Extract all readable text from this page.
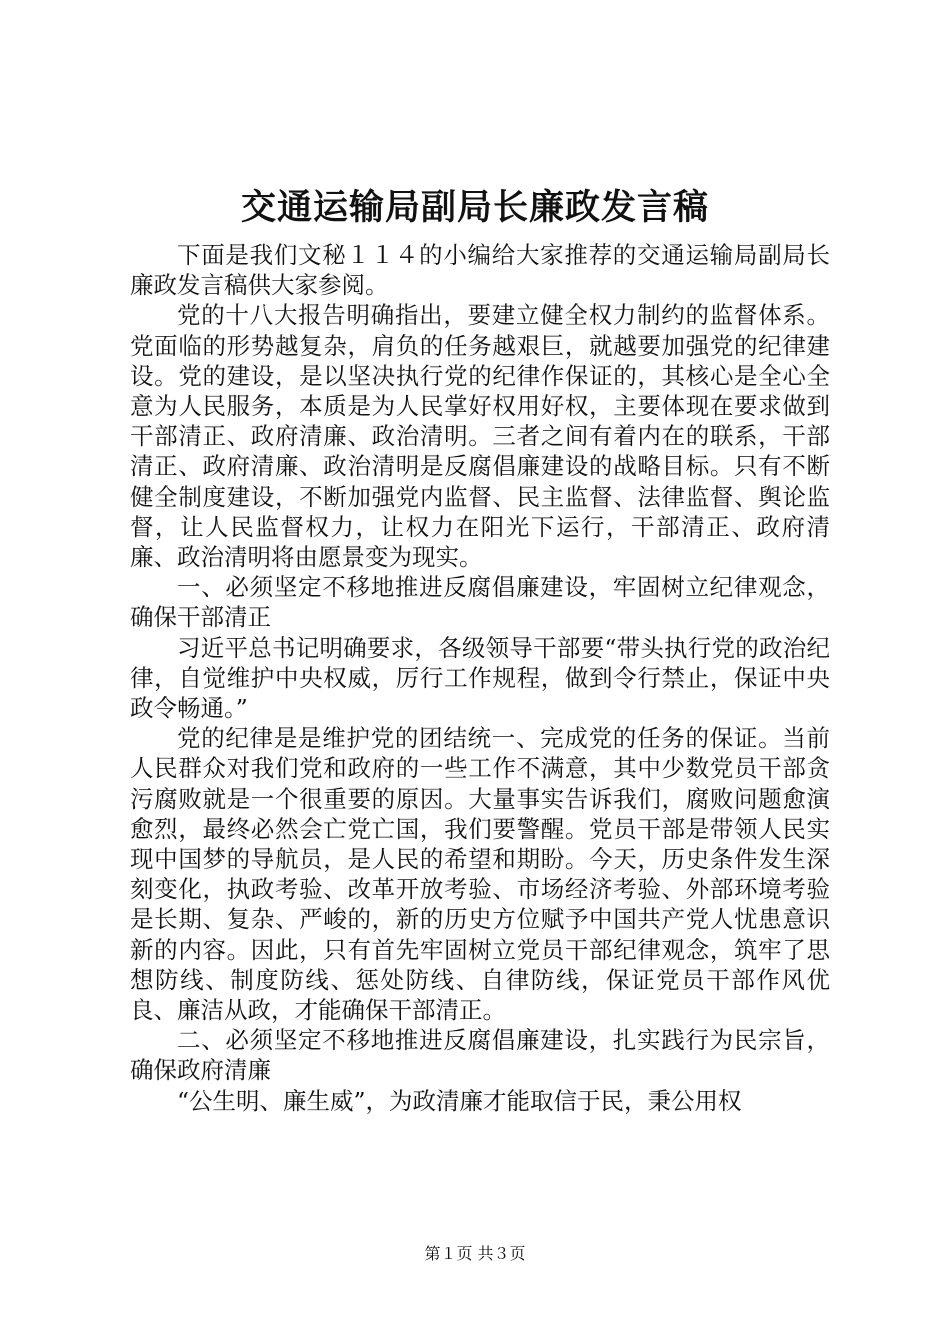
交通运输局副局长廉政发言稿

下面是我们文秘１１４的小编给大家推荐的交通运输局副局长廉政发言稿供大家参阅。

党的十八大报告明确指出，要建立健全权力制约的监督体系。党面临的形势越复杂，肩负的任务越艰巨，就越要加强党的纪律建设。党的建设，是以坚决执行党的纪律作保证的，其核心是全心全意为人民服务，本质是为人民掌好权用好权，主要体现在要求做到干部清正、政府清廉、政治清明。三者之间有着内在的联系，干部清正、政府清廉、政治清明是反腐倡廉建设的战略目标。只有不断健全制度建设，不断加强党内监督、民主监督、法律监督、舆论监督，让人民监督权力，让权力在阳光下运行，干部清正、政府清廉、政治清明将由愿景变为现实。

一、必须坚定不移地推进反腐倡廉建设，牢固树立纪律观念，确保干部清正

习近平总书记明确要求，各级领导干部要“带头执行党的政治纪律，自觉维护中央权威，厉行工作规程，做到令行禁止，保证中央政令畅通。”

党的纪律是是维护党的团结统一、完成党的任务的保证。当前人民群众对我们党和政府的一些工作不满意，其中少数党员干部贪污腐败就是一个很重要的原因。大量事实告诉我们，腐败问题愈演愈烈，最终必然会亡党亡国，我们要警醒。党员干部是带领人民实现中国梦的导航员，是人民的希望和期盼。今天，历史条件发生深刻变化，执政考验、改革开放考验、市场经济考验、外部环境考验是长期、复杂、严峻的，新的历史方位赋予中国共产党人忧患意识新的内容。因此，只有首先牢固树立党员干部纪律观念，筑牢了思想防线、制度防线、惩处防线、自律防线，保证党员干部作风优良、廉洁从政，才能确保干部清正。

二、必须坚定不移地推进反腐倡廉建设，扎实践行为民宗旨，确保政府清廉

“公生明、廉生威”，为政清廉才能取信于民，秉公用权

第１页 共３页
